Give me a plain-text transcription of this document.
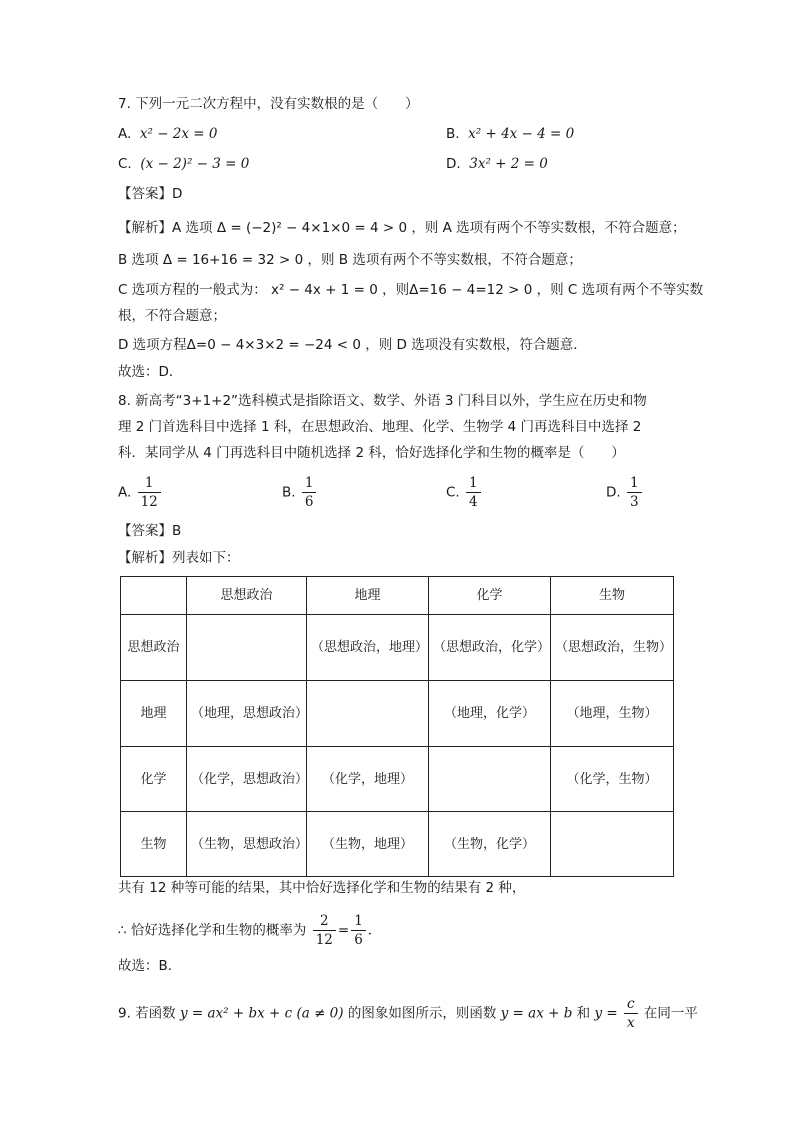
7. 下列一元二次方程中，没有实数根的是（　　）
A. x² − 2x = 0	B. x² + 4x − 4 = 0
C. (x − 2)² − 3 = 0	D. 3x² + 2 = 0
【答案】D
【解析】A 选项 Δ = (−2)² − 4×1×0 = 4 > 0 ，则 A 选项有两个不等实数根，不符合题意；
B 选项 Δ = 16+16 = 32 > 0 ，则 B 选项有两个不等实数根，不符合题意；
C 选项方程的一般式为： x² − 4x + 1 = 0 ，则Δ=16 − 4=12 > 0 ，则 C 选项有两个不等实数
根，不符合题意；
D 选项方程Δ=0 − 4×3×2 = −24 < 0 ，则 D 选项没有实数根，符合题意．
故选：D．
8. 新高考“3+1+2”选科模式是指除语文、数学、外语 3 门科目以外，学生应在历史和物
理 2 门首选科目中选择 1 科，在思想政治、地理、化学、生物学 4 门再选科目中选择 2
科．某同学从 4 门再选科目中随机选择 2 科，恰好选择化学和生物的概率是（　　）
A. $\frac{1}{12}$	B. $\frac{1}{6}$	C. $\frac{1}{4}$	D. $\frac{1}{3}$
【答案】B
【解析】列表如下：
	思想政治	地理	化学	生物
思想政治		（思想政治，地理）	（思想政治，化学）	（思想政治，生物）
地理	（地理，思想政治）		（地理，化学）	（地理，生物）
化学	（化学，思想政治）	（化学，地理）		（化学，生物）
生物	（生物，思想政治）	（生物，地理）	（生物，化学）	
共有 12 种等可能的结果，其中恰好选择化学和生物的结果有 2 种，
∴ 恰好选择化学和生物的概率为 $\frac{2}{12} = \frac{1}{6}$ ．
故选：B．
9. 若函数 y = ax² + bx + c (a ≠ 0) 的图象如图所示，则函数 y = ax + b 和 $y = \frac{c}{x}$ 在同一平
